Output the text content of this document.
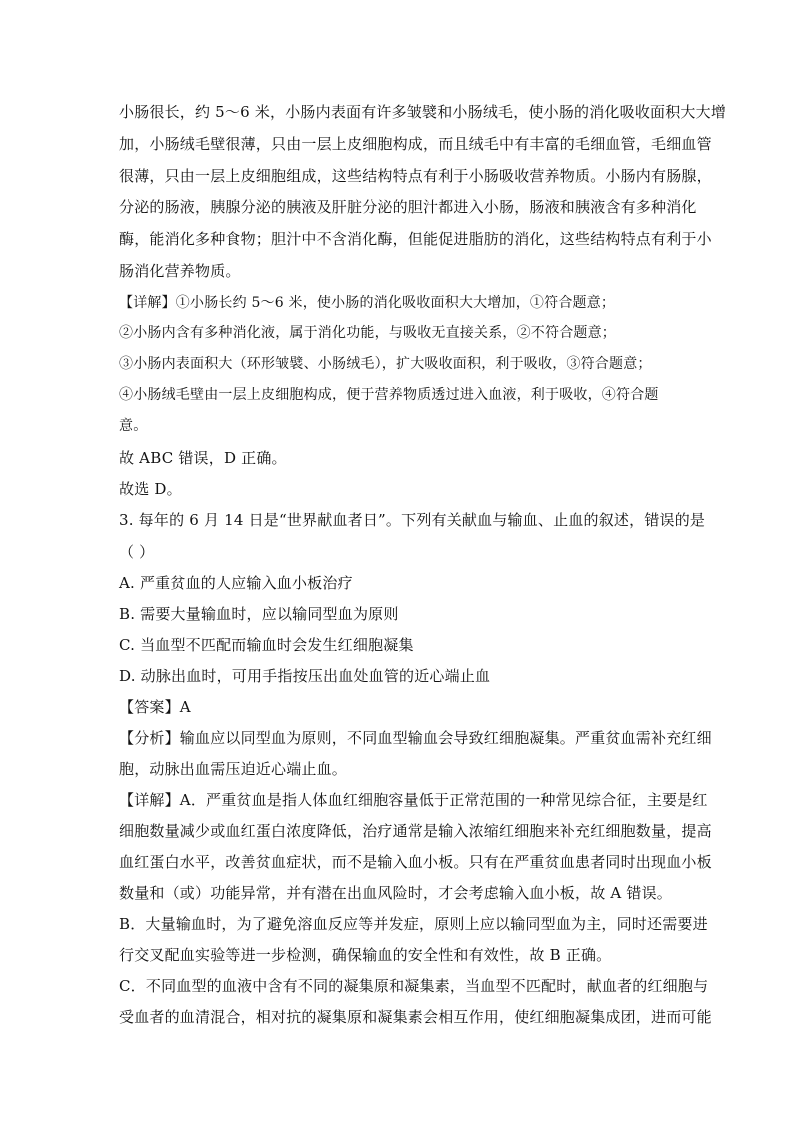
小肠很长，约 5～6 米，小肠内表面有许多皱襞和小肠绒毛，使小肠的消化吸收面积大大增
加，小肠绒毛壁很薄，只由一层上皮细胞构成，而且绒毛中有丰富的毛细血管，毛细血管
很薄，只由一层上皮细胞组成，这些结构特点有利于小肠吸收营养物质。小肠内有肠腺，
分泌的肠液，胰腺分泌的胰液及肝脏分泌的胆汁都进入小肠，肠液和胰液含有多种消化
酶，能消化多种食物；胆汁中不含消化酶，但能促进脂肪的消化，这些结构特点有利于小
肠消化营养物质。
【详解】①小肠长约 5～6 米，使小肠的消化吸收面积大大增加，①符合题意；
②小肠内含有多种消化液，属于消化功能，与吸收无直接关系，②不符合题意；
③小肠内表面积大（环形皱襞、小肠绒毛），扩大吸收面积，利于吸收，③符合题意；
④小肠绒毛壁由一层上皮细胞构成，便于营养物质透过进入血液，利于吸收，④符合题
意。
故 ABC 错误，D 正确。
故选 D。
3. 每年的 6 月 14 日是“世界献血者日”。下列有关献血与输血、止血的叙述，错误的是
（ ）
A. 严重贫血的人应输入血小板治疗
B. 需要大量输血时，应以输同型血为原则
C. 当血型不匹配而输血时会发生红细胞凝集
D. 动脉出血时，可用手指按压出血处血管的近心端止血
【答案】A
【分析】输血应以同型血为原则，不同血型输血会导致红细胞凝集。严重贫血需补充红细
胞，动脉出血需压迫近心端止血。
【详解】A．严重贫血是指人体血红细胞容量低于正常范围的一种常见综合征，主要是红
细胞数量减少或血红蛋白浓度降低，治疗通常是输入浓缩红细胞来补充红细胞数量，提高
血红蛋白水平，改善贫血症状，而不是输入血小板。只有在严重贫血患者同时出现血小板
数量和（或）功能异常，并有潜在出血风险时，才会考虑输入血小板，故 A 错误。
B．大量输血时，为了避免溶血反应等并发症，原则上应以输同型血为主，同时还需要进
行交叉配血实验等进一步检测，确保输血的安全性和有效性，故 B 正确。
C．不同血型的血液中含有不同的凝集原和凝集素，当血型不匹配时，献血者的红细胞与
受血者的血清混合，相对抗的凝集原和凝集素会相互作用，使红细胞凝集成团，进而可能
